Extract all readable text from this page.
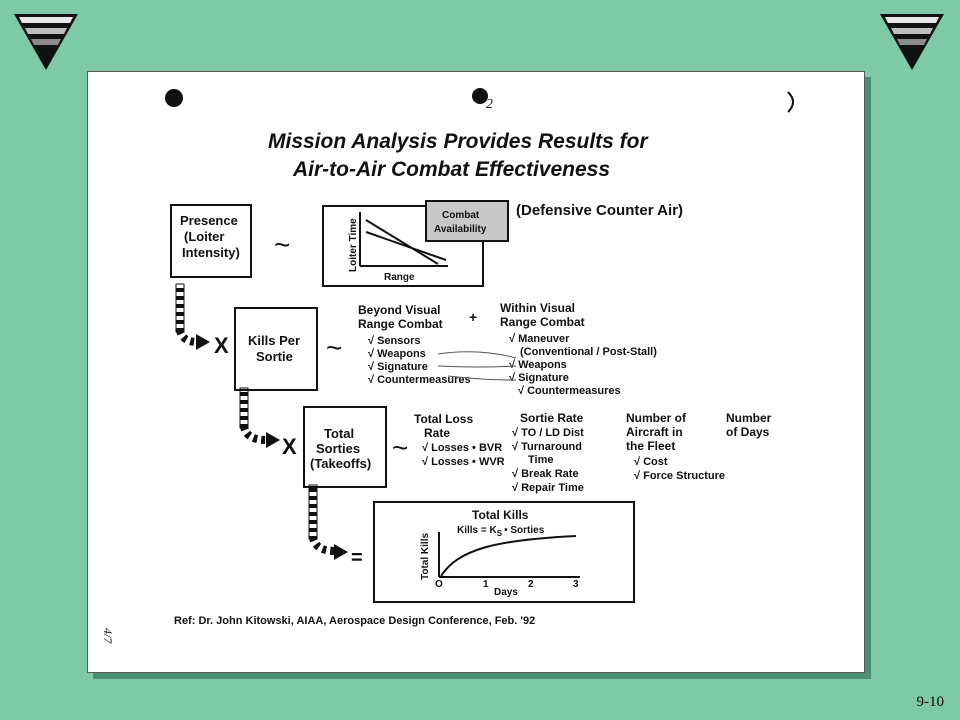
9-10
2
Mission Analysis Provides Results for
Air-to-Air Combat Effectiveness
Presence
(Loiter
Intensity) ~	Loiter Time
Range
Combat
Availability
(Defensive Counter Air)
X Kills Per
Sortie ~
Beyond Visual
Range Combat
√ Sensors
√ Weapons
√ Signature
√ Countermeasures
+
Within Visual
Range Combat
√ Maneuver
(Conventional / Post-Stall)
√ Weapons
√ Signature
√ Countermeasures
X
Total
Sorties
(Takeoffs)
~
Total Loss
Rate
√ Losses • BVR
√ Losses • WVR
Sortie Rate
√ TO / LD Dist
√ Turnaround
Time
√ Break Rate
√ Repair Time
Number of
Aircraft in
the Fleet
√ Cost
√ Force Structure
Number
of Days
=
Total Kills
Kills = $K_S$ • Sorties
Total Kills
O	1	2	3
Days
Ref: Dr. John Kitowski, AIAA, Aerospace Design Conference, Feb. '92
4/7
